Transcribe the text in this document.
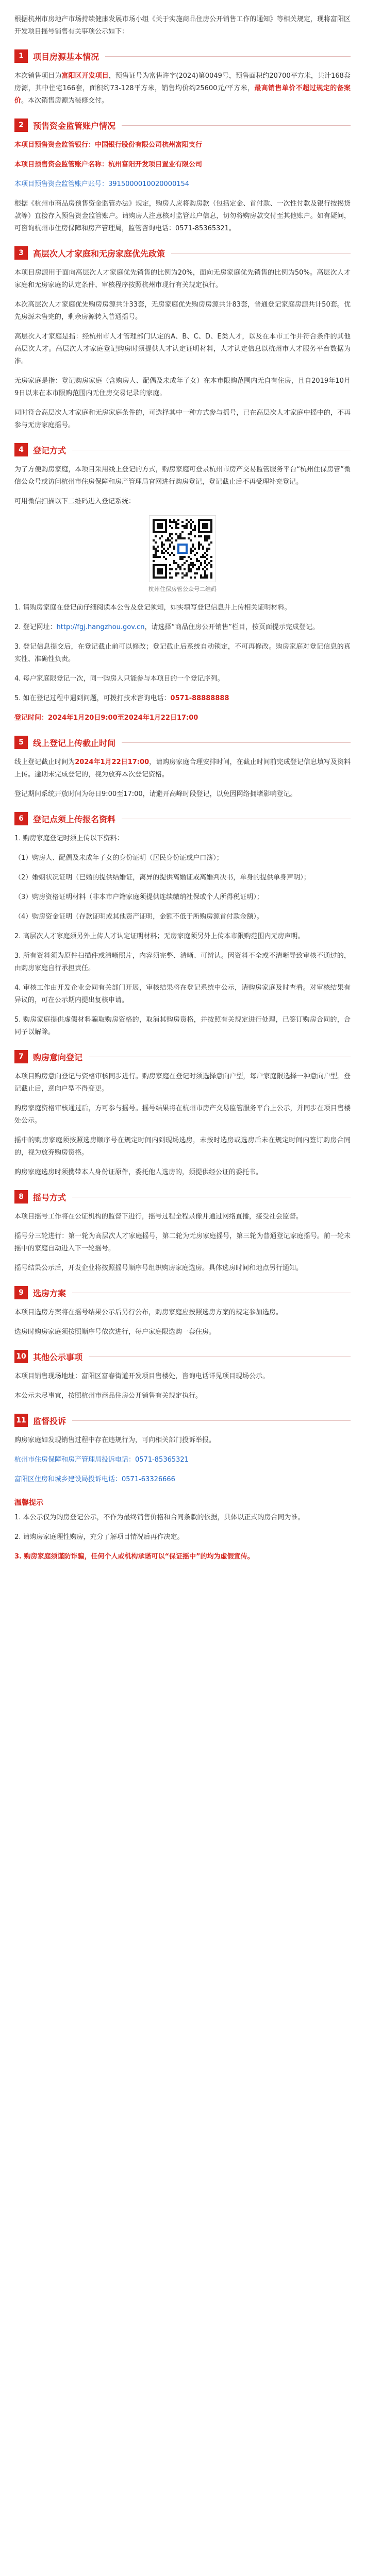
根据杭州市房地产市场持续健康发展市场小组《关于实施商品住房公开销售工作的通知》等相关规定，现将富阳区开发项目摇号销售有关事项公示如下：

1	项目房源基本情况

本次销售项目为富阳区开发项目，预售证号为富售许字(2024)第0049号，预售面积约20700平方米，共计168套房源，其中住宅166套，面积约73-128平方米，销售均价约25600元/平方米，最高销售单价不超过规定的备案价。本次销售房源为装修交付。

2	预售资金监管账户情况

本项目预售资金监管银行：中国银行股份有限公司杭州富阳支行

本项目预售资金监管账户名称：杭州富阳开发项目置业有限公司

本项目预售资金监管账户账号：3915000010020000154

根据《杭州市商品房预售资金监管办法》规定，购房人应将购房款（包括定金、首付款、一次性付款及银行按揭贷款等）直接存入预售资金监管账户。请购房人注意核对监管账户信息，切勿将购房款交付至其他账户。如有疑问，可咨询杭州市住房保障和房产管理局，监管咨询电话：0571-85365321。

3	高层次人才家庭和无房家庭优先政策

本项目房源用于面向高层次人才家庭优先销售的比例为20%，面向无房家庭优先销售的比例为50%。高层次人才家庭和无房家庭的认定条件、审核程序按照杭州市现行有关规定执行。

本次高层次人才家庭优先购房房源共计33套，无房家庭优先购房房源共计83套，普通登记家庭房源共计50套。优先房源未售完的，剩余房源转入普通摇号。

高层次人才家庭是指：经杭州市人才管理部门认定的A、B、C、D、E类人才，以及在本市工作并符合条件的其他高层次人才。高层次人才家庭登记购房时须提供人才认定证明材料，人才认定信息以杭州市人才服务平台数据为准。

无房家庭是指：登记购房家庭（含购房人、配偶及未成年子女）在本市限购范围内无自有住房，且自2019年10月9日以来在本市限购范围内无住房交易记录的家庭。

同时符合高层次人才家庭和无房家庭条件的，可选择其中一种方式参与摇号，已在高层次人才家庭中摇中的，不再参与无房家庭摇号。

4	登记方式

为了方便购房家庭，本项目采用线上登记的方式，购房家庭可登录杭州市房产交易监管服务平台“杭州住保房管”微信公众号或访问杭州市住房保障和房产管理局官网进行购房登记，登记截止后不再受理补充登记。

可用微信扫描以下二维码进入登记系统：

杭州住保房管公众号二维码

1. 请购房家庭在登记前仔细阅读本公告及登记须知，如实填写登记信息并上传相关证明材料。

2. 登记网址：http://fgj.hangzhou.gov.cn，请选择“商品住房公开销售”栏目，按页面提示完成登记。

3. 登记信息提交后，在登记截止前可以修改；登记截止后系统自动锁定，不可再修改。购房家庭对登记信息的真实性、准确性负责。

4. 每户家庭限登记一次，同一购房人只能参与本项目的一个登记序列。

5. 如在登记过程中遇到问题，可拨打技术咨询电话：0571-88888888

登记时间：2024年1月20日9:00至2024年1月22日17:00

5	线上登记上传截止时间

线上登记截止时间为2024年1月22日17:00，请购房家庭合理安排时间，在截止时间前完成登记信息填写及资料上传。逾期未完成登记的，视为放弃本次登记资格。

登记期间系统开放时间为每日9:00至17:00，请避开高峰时段登记，以免因网络拥堵影响登记。

6	登记点须上传报名资料

1. 购房家庭登记时须上传以下资料：

（1）购房人、配偶及未成年子女的身份证明（居民身份证或户口簿）；

（2）婚姻状况证明（已婚的提供结婚证，离异的提供离婚证或离婚判决书，单身的提供单身声明）；

（3）购房资格证明材料（非本市户籍家庭须提供连续缴纳社保或个人所得税证明）；

（4）购房资金证明（存款证明或其他资产证明，金额不低于所购房源首付款金额）。

2. 高层次人才家庭须另外上传人才认定证明材料；无房家庭须另外上传本市限购范围内无房声明。

3. 所有资料须为原件扫描件或清晰照片，内容须完整、清晰、可辨认。因资料不全或不清晰导致审核不通过的，由购房家庭自行承担责任。

4. 审核工作由开发企业会同有关部门开展，审核结果将在登记系统中公示，请购房家庭及时查看。对审核结果有异议的，可在公示期内提出复核申请。

5. 购房家庭提供虚假材料骗取购房资格的，取消其购房资格，并按照有关规定进行处理，已签订购房合同的，合同予以解除。

7	购房意向登记

本项目购房意向登记与资格审核同步进行。购房家庭在登记时须选择意向户型，每户家庭限选择一种意向户型。登记截止后，意向户型不得变更。

购房家庭资格审核通过后，方可参与摇号。摇号结果将在杭州市房产交易监管服务平台上公示，并同步在项目售楼处公示。

摇中的购房家庭须按照选房顺序号在规定时间内到现场选房，未按时选房或选房后未在规定时间内签订购房合同的，视为放弃购房资格。

购房家庭选房时须携带本人身份证原件，委托他人选房的，须提供经公证的委托书。

8	摇号方式

本项目摇号工作将在公证机构的监督下进行，摇号过程全程录像并通过网络直播，接受社会监督。

摇号分三轮进行：第一轮为高层次人才家庭摇号，第二轮为无房家庭摇号，第三轮为普通登记家庭摇号。前一轮未摇中的家庭自动进入下一轮摇号。

摇号结果公示后，开发企业将按照摇号顺序号组织购房家庭选房。具体选房时间和地点另行通知。

9	选房方案

本项目选房方案将在摇号结果公示后另行公布，购房家庭应按照选房方案的规定参加选房。

选房时购房家庭须按照顺序号依次进行，每户家庭限选购一套住房。

10 其他公示事项

本项目销售现场地址：富阳区富春街道开发项目售楼处，咨询电话详见项目现场公示。

本公示未尽事宜，按照杭州市商品住房公开销售有关规定执行。

11 监督投诉

购房家庭如发现销售过程中存在违规行为，可向相关部门投诉举报。

杭州市住房保障和房产管理局投诉电话：0571-85365321

富阳区住房和城乡建设局投诉电话：0571-63326666

温馨提示

1. 本公示仅为购房登记公示，不作为最终销售价格和合同条款的依据，具体以正式购房合同为准。

2. 请购房家庭理性购房，充分了解项目情况后再作决定。

3. 购房家庭须谨防诈骗，任何个人或机构承诺可以“保证摇中”的均为虚假宣传。
